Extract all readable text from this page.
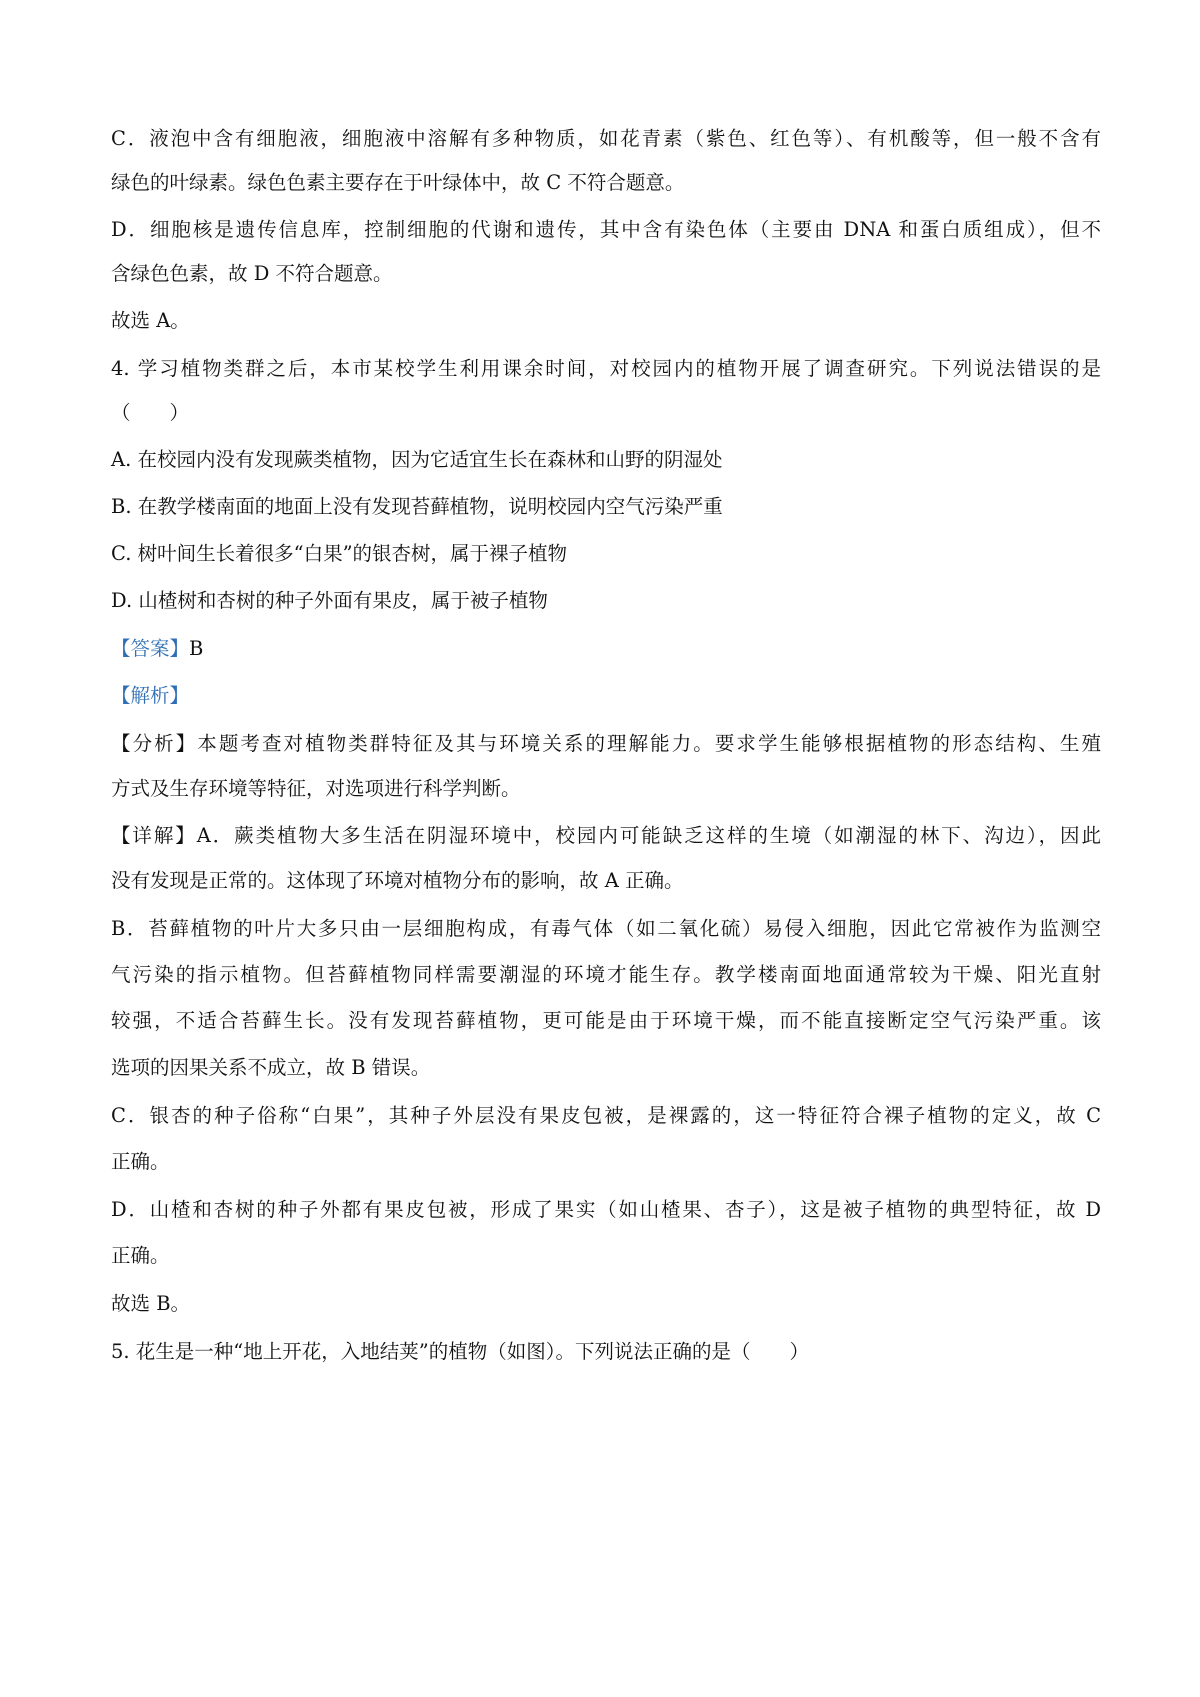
C．液泡中含有细胞液，细胞液中溶解有多种物质，如花青素（紫色、红色等）、有机酸等，但一般不含有
绿色的叶绿素。绿色色素主要存在于叶绿体中，故 C 不符合题意。
D．细胞核是遗传信息库，控制细胞的代谢和遗传，其中含有染色体（主要由 DNA 和蛋白质组成），但不
含绿色色素，故 D 不符合题意。
故选 A。
4. 学习植物类群之后，本市某校学生利用课余时间，对校园内的植物开展了调查研究。下列说法错误的是
（　　）
A. 在校园内没有发现蕨类植物，因为它适宜生长在森林和山野的阴湿处
B. 在教学楼南面的地面上没有发现苔藓植物，说明校园内空气污染严重
C. 树叶间生长着很多“白果”的银杏树，属于裸子植物
D. 山楂树和杏树的种子外面有果皮，属于被子植物
【答案】B
【解析】
【分析】本题考查对植物类群特征及其与环境关系的理解能力。要求学生能够根据植物的形态结构、生殖
方式及生存环境等特征，对选项进行科学判断。
【详解】A．蕨类植物大多生活在阴湿环境中，校园内可能缺乏这样的生境（如潮湿的林下、沟边），因此
没有发现是正常的。这体现了环境对植物分布的影响，故 A 正确。
B．苔藓植物的叶片大多只由一层细胞构成，有毒气体（如二氧化硫）易侵入细胞，因此它常被作为监测空
气污染的指示植物。但苔藓植物同样需要潮湿的环境才能生存。教学楼南面地面通常较为干燥、阳光直射
较强，不适合苔藓生长。没有发现苔藓植物，更可能是由于环境干燥，而不能直接断定空气污染严重。该
选项的因果关系不成立，故 B 错误。
C．银杏的种子俗称“白果”，其种子外层没有果皮包被，是裸露的，这一特征符合裸子植物的定义，故 C
正确。
D．山楂和杏树的种子外都有果皮包被，形成了果实（如山楂果、杏子），这是被子植物的典型特征，故 D
正确。
故选 B。
5. 花生是一种“地上开花，入地结荚”的植物（如图）。下列说法正确的是（　　）
